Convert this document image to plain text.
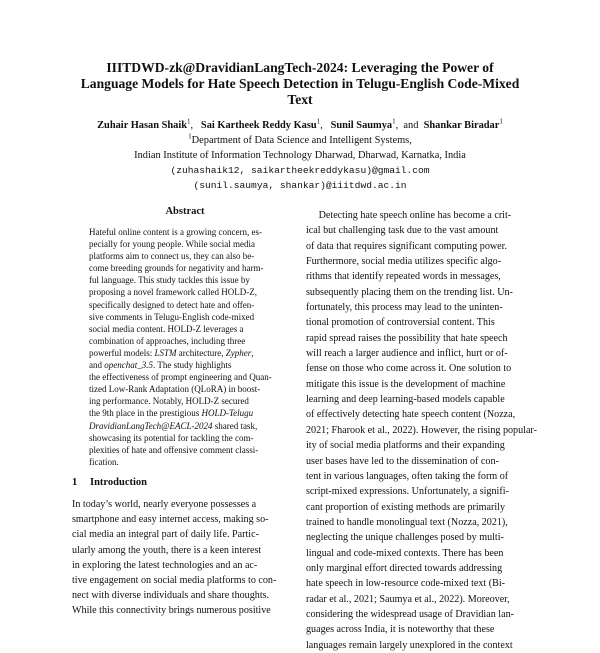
IIITDWD-zk@DravidianLangTech-2024: Leveraging the Power of
Language Models for Hate Speech Detection in Telugu-English Code-Mixed
Text
Zuhair Hasan Shaik$^1$,   Sai Kartheek Reddy Kasu$^1$,   Sunil Saumya$^1$,  and Shankar Biradar$^1$
$^1$Department of Data Science and Intelligent Systems,
Indian Institute of Information Technology Dharwad, Dharwad, Karnatka, India
(zuhashaik12, saikartheekreddykasu)@gmail.com
(sunil.saumya, shankar)@iiitdwd.ac.in
Abstract
Hateful online content is a growing concern, es-
pecially for young people. While social media
platforms aim to connect us, they can also be-
come breeding grounds for negativity and harm-
ful language. This study tackles this issue by
proposing a novel framework called HOLD-Z,
specifically designed to detect hate and offen-
sive comments in Telugu-English code-mixed
social media content. HOLD-Z leverages a
combination of approaches, including three
powerful models: LSTM architecture, Zypher,
and openchat_3.5. The study highlights
the effectiveness of prompt engineering and Quan-
tized Low-Rank Adaptation (QLoRA) in boost-
ing performance. Notably, HOLD-Z secured
the 9th place in the prestigious HOLD-Telugu
DravidianLangTech@EACL-2024 shared task,
showcasing its potential for tackling the com-
plexities of hate and offensive comment classi-
fication.
1 Introduction
In today’s world, nearly everyone possesses a
smartphone and easy internet access, making so-
cial media an integral part of daily life. Partic-
ularly among the youth, there is a keen interest
in exploring the latest technologies and an ac-
tive engagement on social media platforms to con-
nect with diverse individuals and share thoughts.
While this connectivity brings numerous positive
Detecting hate speech online has become a crit-
ical but challenging task due to the vast amount
of data that requires significant computing power.
Furthermore, social media utilizes specific algo-
rithms that identify repeated words in messages,
subsequently placing them on the trending list. Un-
fortunately, this process may lead to the uninten-
tional promotion of controversial content. This
rapid spread raises the possibility that hate speech
will reach a larger audience and inflict, hurt or of-
fense on those who come across it. One solution to
mitigate this issue is the development of machine
learning and deep learning-based models capable
of effectively detecting hate speech content (Nozza,
2021; Fharook et al., 2022). However, the rising popular-
ity of social media platforms and their expanding
user bases have led to the dissemination of con-
tent in various languages, often taking the form of
script-mixed expressions. Unfortunately, a signifi-
cant proportion of existing methods are primarily
trained to handle monolingual text (Nozza, 2021),
neglecting the unique challenges posed by multi-
lingual and code-mixed contexts. There has been
only marginal effort directed towards addressing
hate speech in low-resource code-mixed text (Bi-
radar et al., 2021; Saumya et al., 2022). Moreover,
considering the widespread usage of Dravidian lan-
guages across India, it is noteworthy that these
languages remain largely unexplored in the context
